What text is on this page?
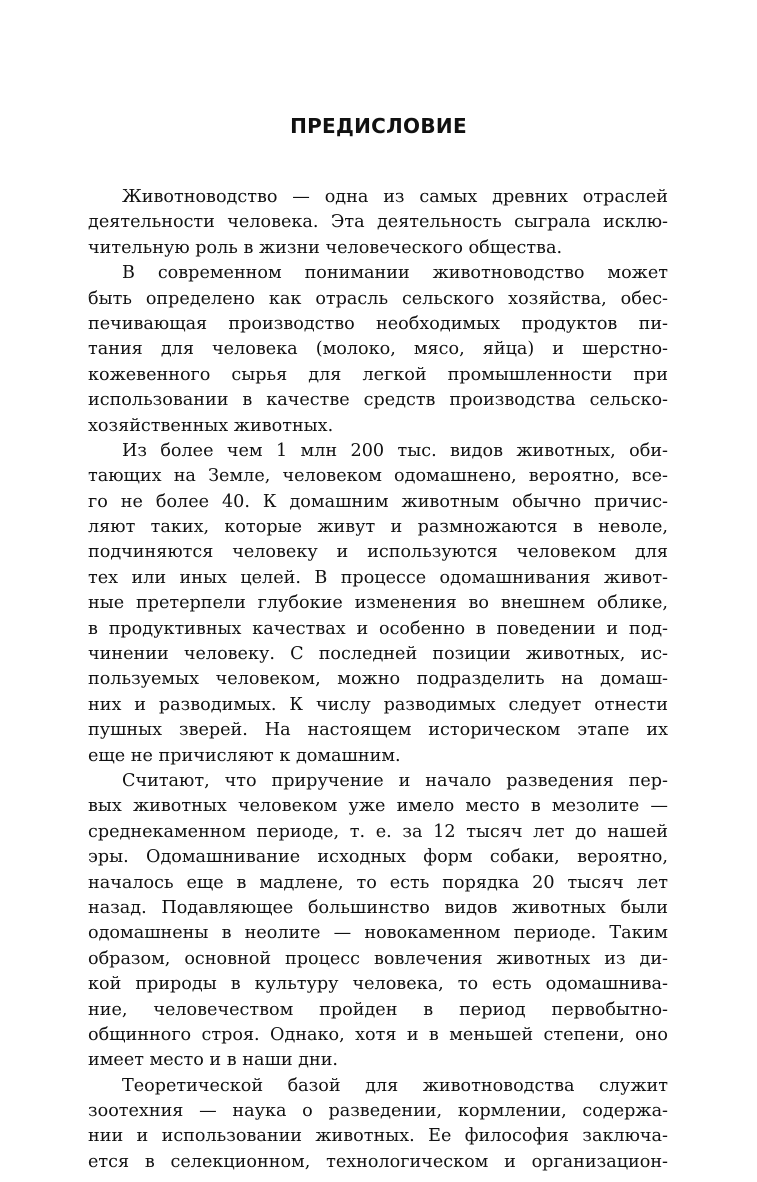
ПРЕДИСЛОВИЕ
Животноводство — одна из самых древних отраслей
деятельности человека. Эта деятельность сыграла исклю-
чительную роль в жизни человеческого общества.
В современном понимании животноводство может
быть определено как отрасль сельского хозяйства, обес-
печивающая производство необходимых продуктов пи-
тания для человека (молоко, мясо, яйца) и шерстно-
кожевенного сырья для легкой промышленности при
использовании в качестве средств производства сельско-
хозяйственных животных.
Из более чем 1 млн 200 тыс. видов животных, оби-
тающих на Земле, человеком одомашнено, вероятно, все-
го не более 40. К домашним животным обычно причис-
ляют таких, которые живут и размножаются в неволе,
подчиняются человеку и используются человеком для
тех или иных целей. В процессе одомашнивания живот-
ные претерпели глубокие изменения во внешнем облике,
в продуктивных качествах и особенно в поведении и под-
чинении человеку. С последней позиции животных, ис-
пользуемых человеком, можно подразделить на домаш-
них и разводимых. К числу разводимых следует отнести
пушных зверей. На настоящем историческом этапе их
еще не причисляют к домашним.
Считают, что приручение и начало разведения пер-
вых животных человеком уже имело место в мезолите —
среднекаменном периоде, т. е. за 12 тысяч лет до нашей
эры. Одомашнивание исходных форм собаки, вероятно,
началось еще в мадлене, то есть порядка 20 тысяч лет
назад. Подавляющее большинство видов животных были
одомашнены в неолите — новокаменном периоде. Таким
образом, основной процесс вовлечения животных из ди-
кой природы в культуру человека, то есть одомашнива-
ние, человечеством пройден в период первобытно-
общинного строя. Однако, хотя и в меньшей степени, оно
имеет место и в наши дни.
Теоретической базой для животноводства служит
зоотехния — наука о разведении, кормлении, содержа-
нии и использовании животных. Ее философия заключа-
ется в селекционном, технологическом и организацион-
